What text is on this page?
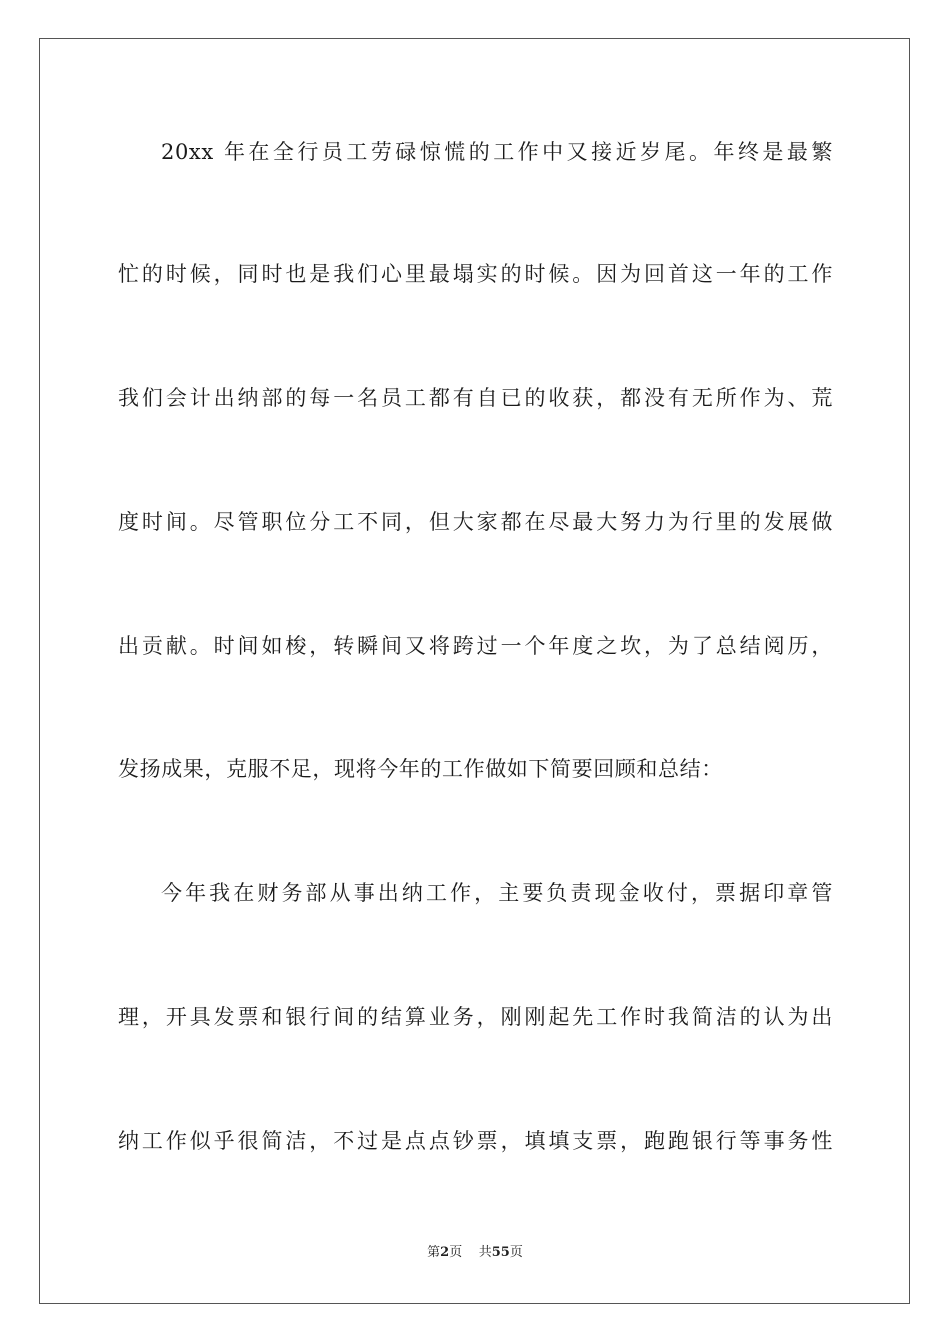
20xx 年在全行员工劳碌惊慌的工作中又接近岁尾。年终是最繁
忙的时候，同时也是我们心里最塌实的时候。因为回首这一年的工作
我们会计出纳部的每一名员工都有自已的收获，都没有无所作为、荒
度时间。尽管职位分工不同，但大家都在尽最大努力为行里的发展做
出贡献。时间如梭，转瞬间又将跨过一个年度之坎，为了总结阅历，
发扬成果，克服不足，现将今年的工作做如下简要回顾和总结：
今年我在财务部从事出纳工作，主要负责现金收付，票据印章管
理，开具发票和银行间的结算业务，刚刚起先工作时我简洁的认为出
纳工作似乎很简洁，不过是点点钞票，填填支票，跑跑银行等事务性
第2页 共55页
